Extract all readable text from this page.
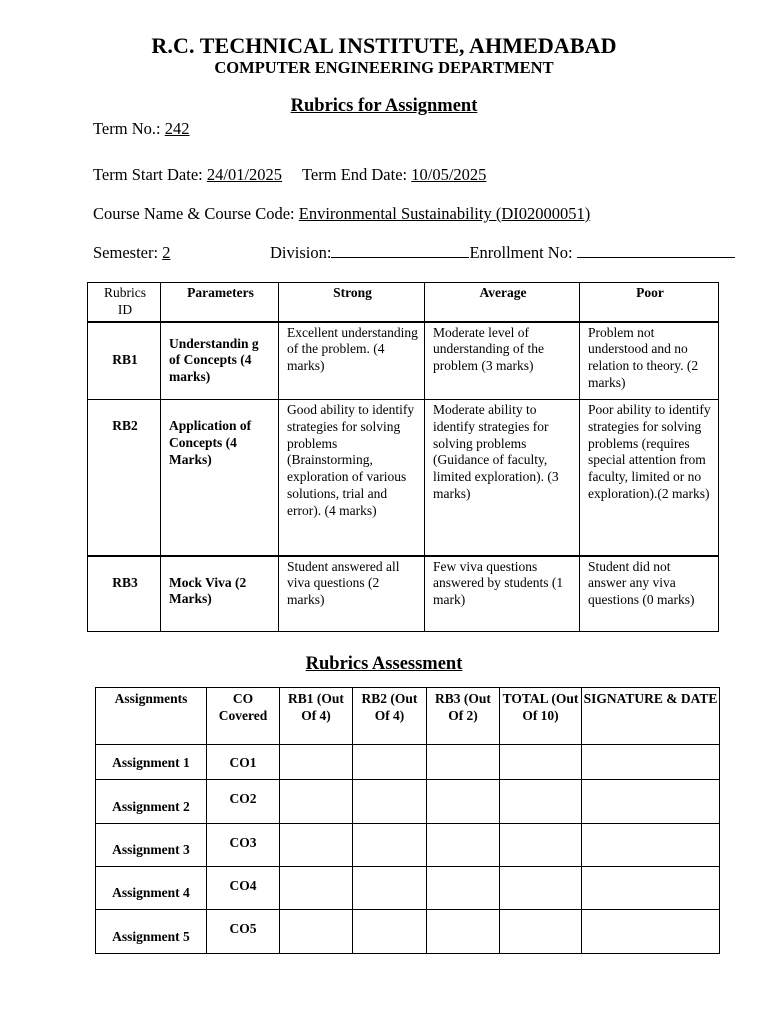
R.C. TECHNICAL INSTITUTE, AHMEDABAD
COMPUTER ENGINEERING DEPARTMENT
Rubrics for Assignment
Term No.: 242
Term Start Date: 24/01/2025 Term End Date: 10/05/2025
Course Name & Course Code: Environmental Sustainability (DI02000051)
Semester: 2	Division:	Enrollment No:
Rubrics ID	Parameters	Strong	Average	Poor
RB1	Understandin g of Concepts (4 marks)	Excellent understanding of the problem. (4 marks)	Moderate level of understanding of the problem (3 marks)	Problem not understood and no relation to theory. (2 marks)
RB2	Application of Concepts (4 Marks)	Good ability to identify strategies for solving problems (Brainstorming, exploration of various solutions, trial and error). (4 marks)	Moderate ability to identify strategies for solving problems (Guidance of faculty, limited exploration). (3 marks)	Poor ability to identify strategies for solving problems (requires special attention from faculty, limited or no exploration).(2 marks)
RB3	Mock Viva (2 Marks)	Student answered all viva questions (2 marks)	Few viva questions answered by students (1 mark)	Student did not answer any viva questions (0 marks)
Rubrics Assessment
Assignments	CO Covered	RB1 (Out Of 4)	RB2 (Out Of 4)	RB3 (Out Of 2)	TOTAL (Out Of 10)	SIGNATURE & DATE
Assignment 1	CO1					
Assignment 2	CO2					
Assignment 3	CO3					
Assignment 4	CO4					
Assignment 5	CO5					
